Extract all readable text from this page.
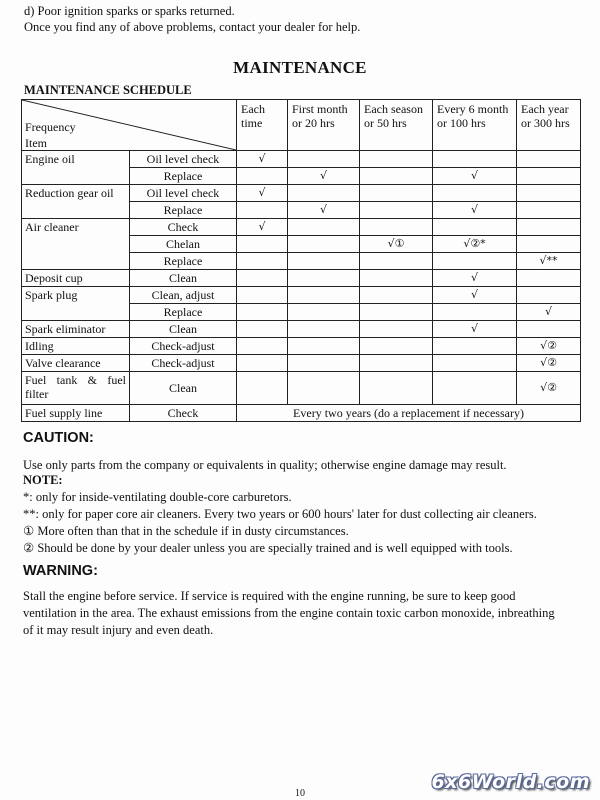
d) Poor ignition sparks or sparks returned.
Once you find any of above problems, contact your dealer for help.
MAINTENANCE
MAINTENANCE SCHEDULE
Frequency
Item		Each time	First month or 20 hrs	Each season or 50 hrs	Every 6 month or 100 hrs	Each year or 300 hrs
Engine oil	Oil level check	√				
	Replace		√		√	
Reduction gear oil	Oil level check	√				
	Replace		√		√	
Air cleaner	Check	√				
	Chelan			√①	√②*	
	Replace					√**
Deposit cup	Clean				√	
Spark plug	Clean, adjust				√	
	Replace					√
Spark eliminator	Clean				√	
Idling	Check-adjust					√②
Valve clearance	Check-adjust					√②
Fuel tank & fuel filter	Clean					√②
Fuel supply line	Check	Every two years (do a replacement if necessary)				
CAUTION:
Use only parts from the company or equivalents in quality; otherwise engine damage may result.
NOTE:
*: only for inside-ventilating double-core carburetors.
**: only for paper core air cleaners. Every two years or 600 hours' later for dust collecting air cleaners.
① More often than that in the schedule if in dusty circumstances.
② Should be done by your dealer unless you are specially trained and is well equipped with tools.
WARNING:
Stall the engine before service. If service is required with the engine running, be sure to keep good
ventilation in the area. The exhaust emissions from the engine contain toxic carbon monoxide, inbreathing
of it may result injury and even death.
10
6x6World.com
